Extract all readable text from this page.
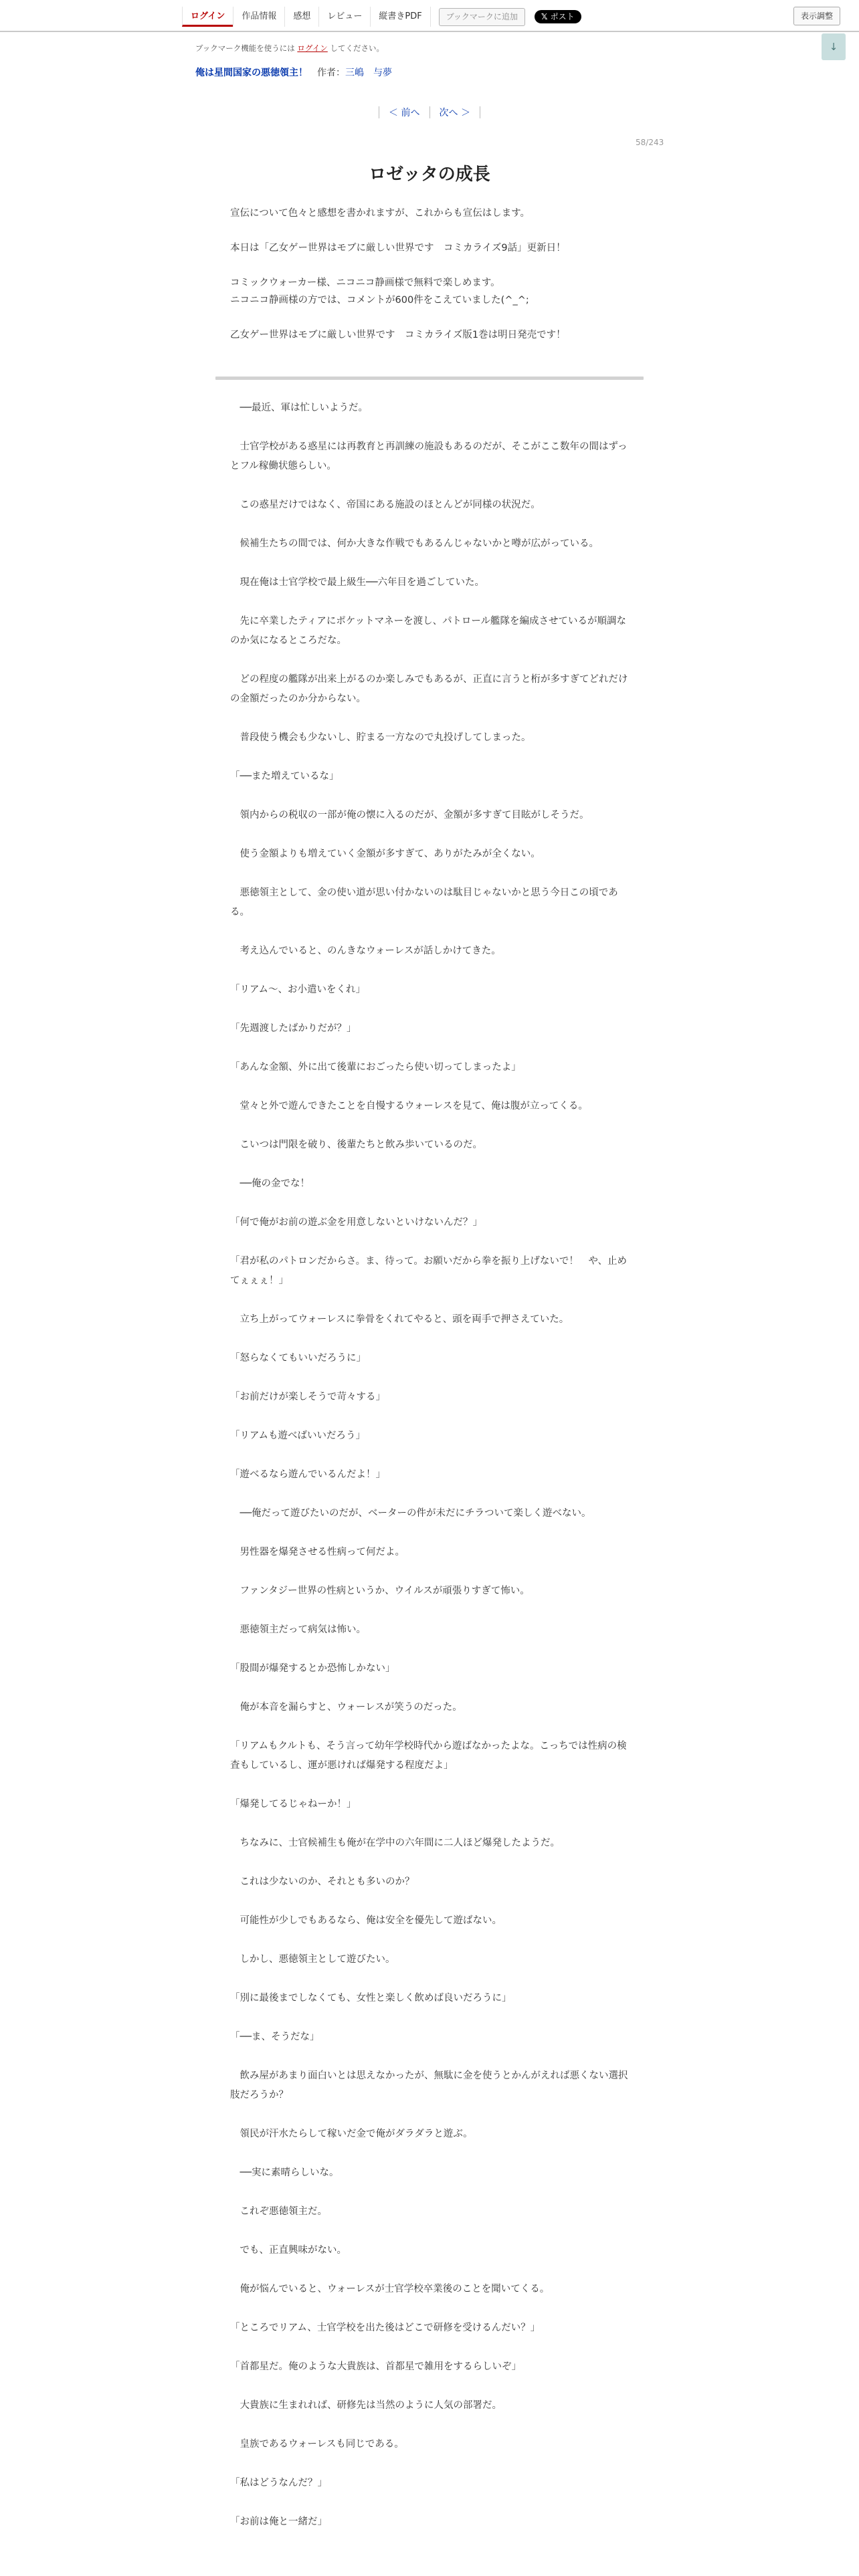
ログイン	作品情報	感想	レビュー	縦書きPDF	ブックマークに追加	𝕏 ポスト	表示調整
↓
ブックマーク機能を使うには ログイン してください。
俺は星間国家の悪徳領主！ 作者：三嶋　与夢
＜ 前へ 次へ ＞
58/243
ロゼッタの成長

宣伝について色々と感想を書かれますが、これからも宣伝はします。

本日は「乙女ゲー世界はモブに厳しい世界です　コミカライズ9話」更新日！

コミックウォーカー様、ニコニコ静画様で無料で楽しめます。

ニコニコ静画様の方では、コメントが600件をこえていました(^_^;

乙女ゲー世界はモブに厳しい世界です　コミカライズ版1巻は明日発売です！

　──最近、軍は忙しいようだ。

　士官学校がある惑星には再教育と再訓練の施設もあるのだが、そこがここ数年の間はずっとフル稼働状態らしい。

　この惑星だけではなく、帝国にある施設のほとんどが同様の状況だ。

　候補生たちの間では、何か大きな作戦でもあるんじゃないかと噂が広がっている。

　現在俺は士官学校で最上級生──六年目を過ごしていた。

　先に卒業したティアにポケットマネーを渡し、パトロール艦隊を編成させているが順調なのか気になるところだな。

　どの程度の艦隊が出来上がるのか楽しみでもあるが、正直に言うと桁が多すぎてどれだけの金額だったのか分からない。

　普段使う機会も少ないし、貯まる一方なので丸投げしてしまった。

「──また増えているな」

　領内からの税収の一部が俺の懐に入るのだが、金額が多すぎて目眩がしそうだ。

　使う金額よりも増えていく金額が多すぎて、ありがたみが全くない。

　悪徳領主として、金の使い道が思い付かないのは駄目じゃないかと思う今日この頃である。

　考え込んでいると、のんきなウォーレスが話しかけてきた。

「リアム〜、お小遣いをくれ」

「先週渡したばかりだが？」

「あんな金額、外に出て後輩におごったら使い切ってしまったよ」

　堂々と外で遊んできたことを自慢するウォーレスを見て、俺は腹が立ってくる。

　こいつは門限を破り、後輩たちと飲み歩いているのだ。

　──俺の金でな！

「何で俺がお前の遊ぶ金を用意しないといけないんだ？」

「君が私のパトロンだからさ。ま、待って。お願いだから拳を振り上げないで！　や、止めてぇぇぇ！」

　立ち上がってウォーレスに拳骨をくれてやると、頭を両手で押さえていた。

「怒らなくてもいいだろうに」

「お前だけが楽しそうで苛々する」

「リアムも遊べばいいだろう」

「遊べるなら遊んでいるんだよ！」

　──俺だって遊びたいのだが、ベーターの件が未だにチラついて楽しく遊べない。

　男性器を爆発させる性病って何だよ。

　ファンタジー世界の性病というか、ウイルスが頑張りすぎて怖い。

　悪徳領主だって病気は怖い。

「股間が爆発するとか恐怖しかない」

　俺が本音を漏らすと、ウォーレスが笑うのだった。

「リアムもクルトも、そう言って幼年学校時代から遊ばなかったよな。こっちでは性病の検査もしているし、運が悪ければ爆発する程度だよ」

「爆発してるじゃねーか！」

　ちなみに、士官候補生も俺が在学中の六年間に二人ほど爆発したようだ。

　これは少ないのか、それとも多いのか？

　可能性が少しでもあるなら、俺は安全を優先して遊ばない。

　しかし、悪徳領主として遊びたい。

「別に最後までしなくても、女性と楽しく飲めば良いだろうに」

「──ま、そうだな」

　飲み屋があまり面白いとは思えなかったが、無駄に金を使うとかんがえれば悪くない選択肢だろうか？

　領民が汗水たらして稼いだ金で俺がダラダラと遊ぶ。

　──実に素晴らしいな。

　これぞ悪徳領主だ。

　でも、正直興味がない。

　俺が悩んでいると、ウォーレスが士官学校卒業後のことを聞いてくる。

「ところでリアム、士官学校を出た後はどこで研修を受けるんだい？」

「首都星だ。俺のような大貴族は、首都星で雑用をするらしいぞ」

　大貴族に生まれれば、研修先は当然のように人気の部署だ。

　皇族であるウォーレスも同じである。

「私はどうなんだ？」

「お前は俺と一緒だ」
